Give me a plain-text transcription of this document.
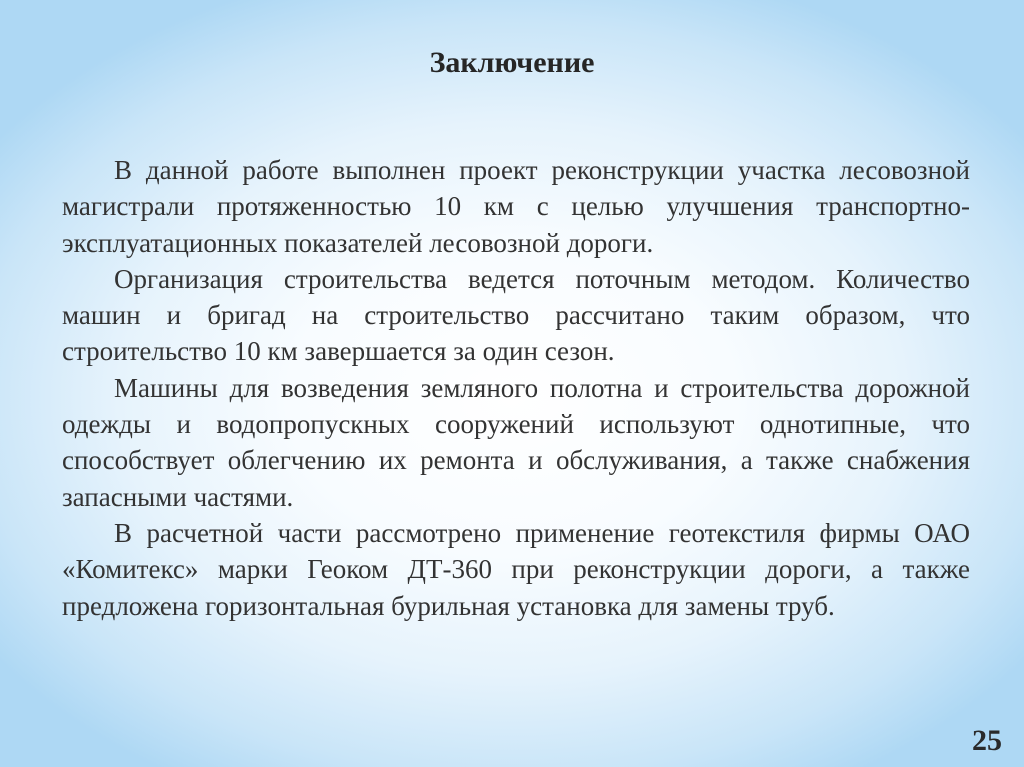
Заключение

В данной работе выполнен проект реконструкции участка лесовозной магистрали протяженностью 10 км с целью улучшения транспортно-эксплуатационных показателей лесовозной дороги.

Организация строительства ведется поточным методом. Количество машин и бригад на строительство рассчитано таким образом, что строительство 10 км завершается за один сезон.

Машины для возведения земляного полотна и строительства дорожной одежды и водопропускных сооружений используют однотипные, что способствует облегчению их ремонта и обслуживания, а также снабжения запасными частями.

В расчетной части рассмотрено применение геотекстиля фирмы ОАО «Комитекс» марки Геоком ДТ-360 при реконструкции дороги, а также предложена горизонтальная бурильная установка для замены труб.

25
